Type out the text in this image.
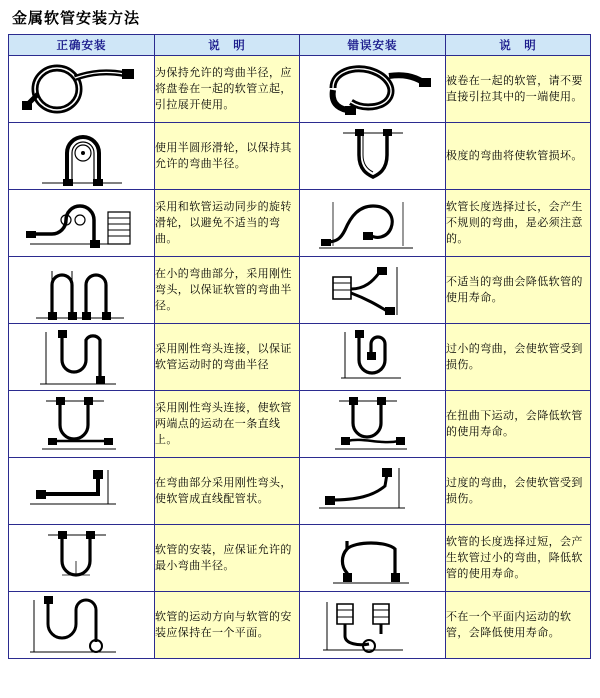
金属软管安装方法
正确安装	说　明	错误安装	说　明

	为保持允许的弯曲半径，应将盘卷在一起的软管立起，引拉展开使用。		被卷在一起的软管，请不要直接引拉其中的一端使用。

	使用半圆形滑轮，以保持其允许的弯曲半径。		极度的弯曲将使软管损坏。

	采用和软管运动同步的旋转滑轮，以避免不适当的弯曲。		软管长度选择过长，会产生不规则的弯曲，是必须注意的。

	在小的弯曲部分，采用刚性弯头，以保证软管的弯曲半径。		不适当的弯曲会降低软管的使用寿命。

	采用刚性弯头连接，以保证软管运动时的弯曲半径		过小的弯曲，会使软管受到损伤。

	采用刚性弯头连接，使软管两端点的运动在一条直线上。		在扭曲下运动，会降低软管的使用寿命。

	在弯曲部分采用刚性弯头，使软管成直线配管状。		过度的弯曲，会使软管受到损伤。

	软管的安装，应保证允许的最小弯曲半径。		软管的长度选择过短，会产生软管过小的弯曲，降低软管的使用寿命。

	软管的运动方向与软管的安装应保持在一个平面。		不在一个平面内运动的软管，会降低使用寿命。
